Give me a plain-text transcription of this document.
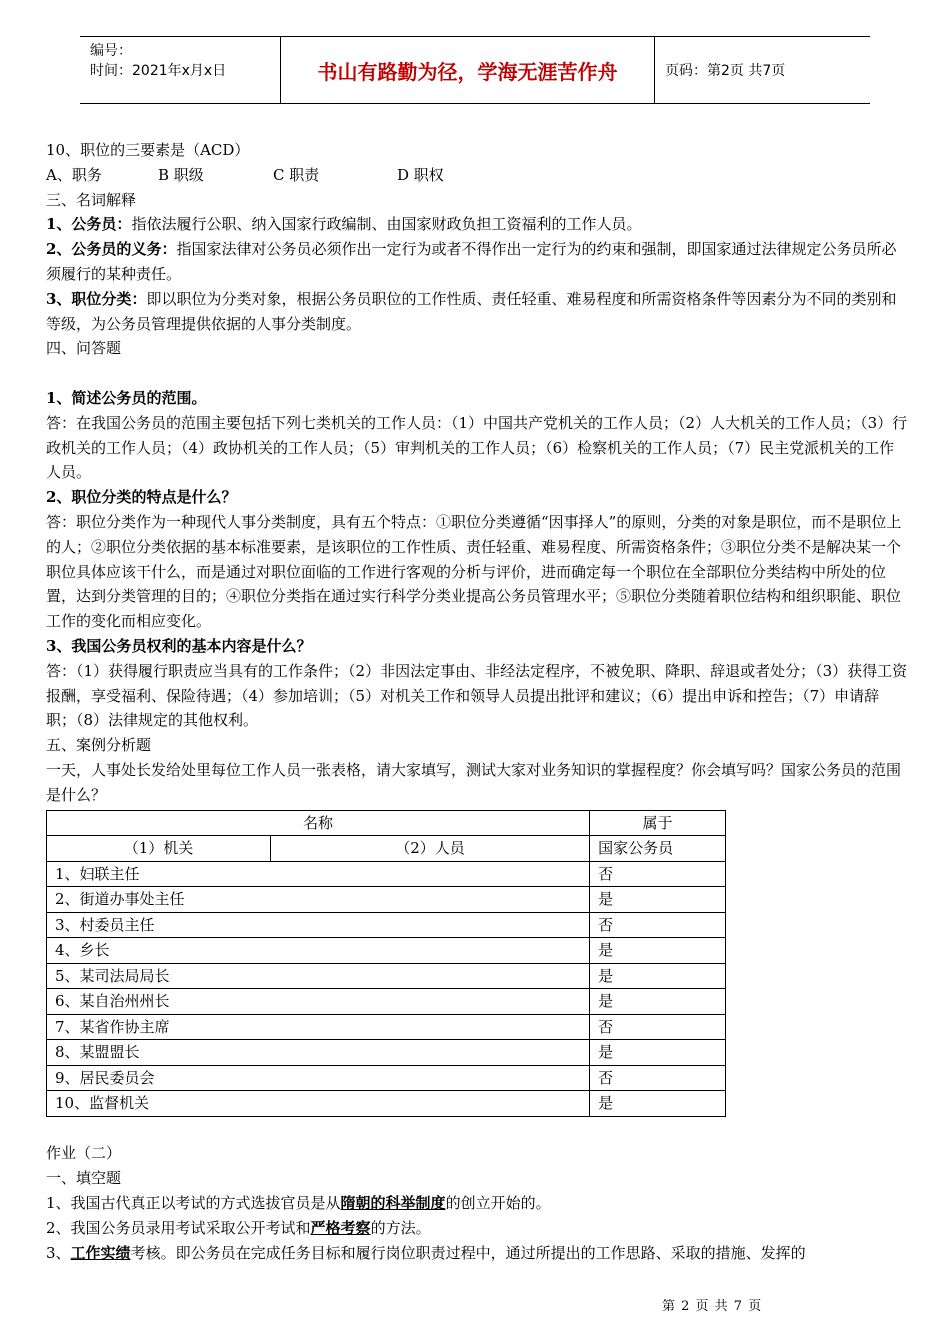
编号：
时间：2021年x月x日	书山有路勤为径，学海无涯苦作舟	页码：第2页 共7页

10、职位的三要素是（ACD）

A、职务	B 职级	C 职责	D 职权

三、名词解释

1、公务员：指依法履行公职、纳入国家行政编制、由国家财政负担工资福利的工作人员。

2、公务员的义务：指国家法律对公务员必须作出一定行为或者不得作出一定行为的约束和强制，即国家通过法律规定公务员所必须履行的某种责任。

3、职位分类：即以职位为分类对象，根据公务员职位的工作性质、责任轻重、难易程度和所需资格条件等因素分为不同的类别和等级，为公务员管理提供依据的人事分类制度。

四、问答题

1、简述公务员的范围。

答：在我国公务员的范围主要包括下列七类机关的工作人员：（1）中国共产党机关的工作人员；（2）人大机关的工作人员；（3）行政机关的工作人员；（4）政协机关的工作人员；（5）审判机关的工作人员；（6）检察机关的工作人员；（7）民主党派机关的工作人员。

2、职位分类的特点是什么？

答：职位分类作为一种现代人事分类制度，具有五个特点：①职位分类遵循“因事择人”的原则，分类的对象是职位，而不是职位上的人；②职位分类依据的基本标准要素，是该职位的工作性质、责任轻重、难易程度、所需资格条件；③职位分类不是解决某一个职位具体应该干什么，而是通过对职位面临的工作进行客观的分析与评价，进而确定每一个职位在全部职位分类结构中所处的位置，达到分类管理的目的；④职位分类指在通过实行科学分类业提高公务员管理水平；⑤职位分类随着职位结构和组织职能、职位工作的变化而相应变化。

3、我国公务员权利的基本内容是什么？

答：（1）获得履行职责应当具有的工作条件；（2）非因法定事由、非经法定程序，不被免职、降职、辞退或者处分；（3）获得工资报酬，享受福利、保险待遇；（4）参加培训；（5）对机关工作和领导人员提出批评和建议；（6）提出申诉和控告；（7）申请辞职；（8）法律规定的其他权利。

五、案例分析题

一天，人事处长发给处里每位工作人员一张表格，请大家填写，测试大家对业务知识的掌握程度？你会填写吗？国家公务员的范围是什么？

名称		属于
（1）机关	（2）人员	国家公务员
1、妇联主任		否
2、街道办事处主任		是
3、村委员主任		否
4、乡长		是
5、某司法局局长		是
6、某自治州州长		是
7、某省作协主席		否
8、某盟盟长		是
9、居民委员会		否
10、监督机关		是

作业（二）

一、填空题

1、我国古代真正以考试的方式选拔官员是从隋朝的科举制度的创立开始的。

2、我国公务员录用考试采取公开考试和严格考察的方法。

3、工作实绩考核。即公务员在完成任务目标和履行岗位职责过程中，通过所提出的工作思路、采取的措施、发挥的

第 2 页 共 7 页
